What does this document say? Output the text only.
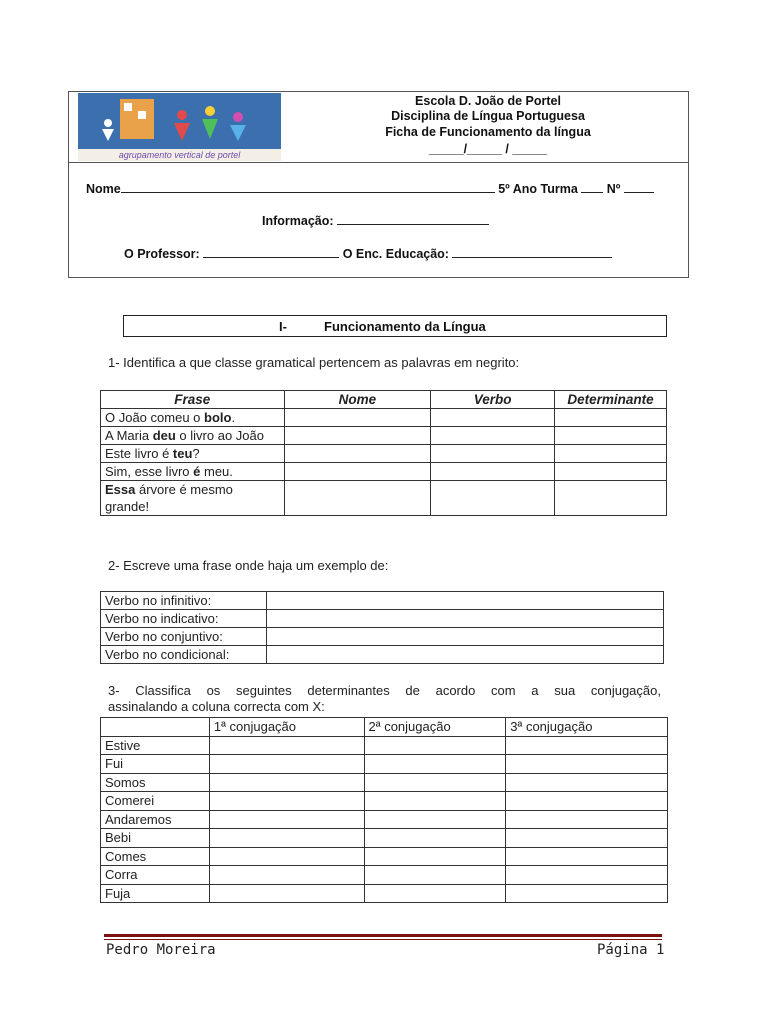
agrupamento vertical de portel
Escola D. João de Portel
Disciplina de Língua Portuguesa
Ficha de Funcionamento da língua
_____/_____ / _____
Nome	5º Ano Turma Nº
Informação:
O Professor:	O Enc. Educação:
I-	Funcionamento da Língua
1- Identifica a que classe gramatical pertencem as palavras em negrito:
Frase	Nome	Verbo	Determinante
O João comeu o bolo.			
A Maria deu o livro ao João			
Este livro é teu?			
Sim, esse livro é meu.			
Essa árvore é mesmo grande!			
2- Escreve uma frase onde haja um exemplo de:
Verbo no infinitivo:	
Verbo no indicativo:	
Verbo no conjuntivo:	
Verbo no condicional:	
3- Classifica os seguintes determinantes de acordo com a sua conjugação,
assinalando a coluna correcta com X:
	1ª conjugação	2ª conjugação	3ª conjugação
Estive			
Fui			
Somos			
Comerei			
Andaremos			
Bebi			
Comes			
Corra			
Fuja			
Pedro Moreira	Página 1
